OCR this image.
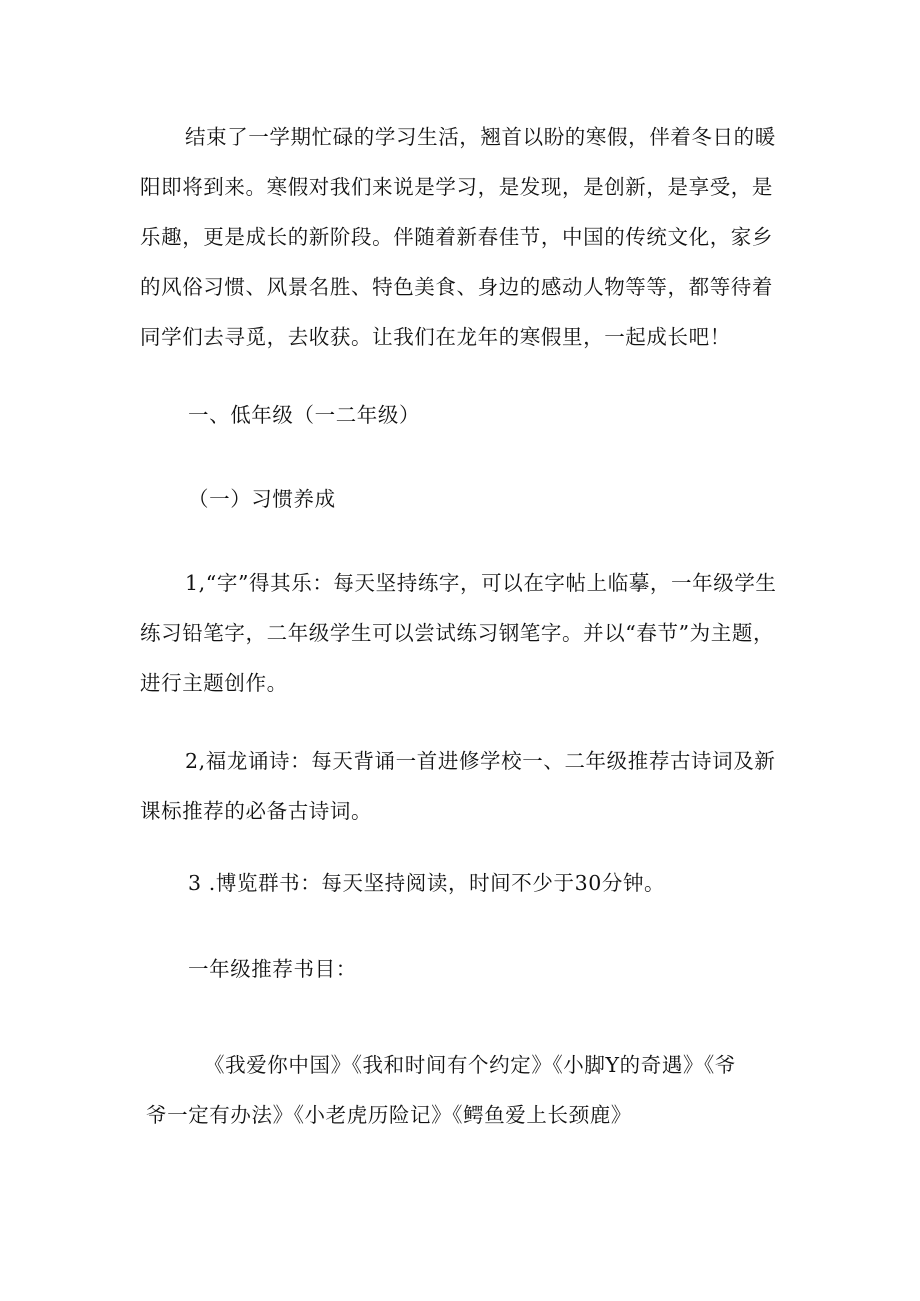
结束了一学期忙碌的学习生活，翘首以盼的寒假，伴着冬日的暖阳即将到来。寒假对我们来说是学习，是发现，是创新，是享受，是乐趣，更是成长的新阶段。伴随着新春佳节，中国的传统文化，家乡的风俗习惯、风景名胜、特色美食、身边的感动人物等等，都等待着同学们去寻觅，去收获。让我们在龙年的寒假里，一起成长吧！

一、低年级（一二年级）

（一）习惯养成

1,“字”得其乐：每天坚持练字，可以在字帖上临摹，一年级学生练习铅笔字，二年级学生可以尝试练习钢笔字。并以“春节”为主题，进行主题创作。

2,福龙诵诗：每天背诵一首进修学校一、二年级推荐古诗词及新课标推荐的必备古诗词。

3 .博览群书：每天坚持阅读，时间不少于30分钟。

一年级推荐书目：

《我爱你中国》《我和时间有个约定》《小脚Y的奇遇》《爷

爷一定有办法》《小老虎历险记》《鳄鱼爱上长颈鹿》
